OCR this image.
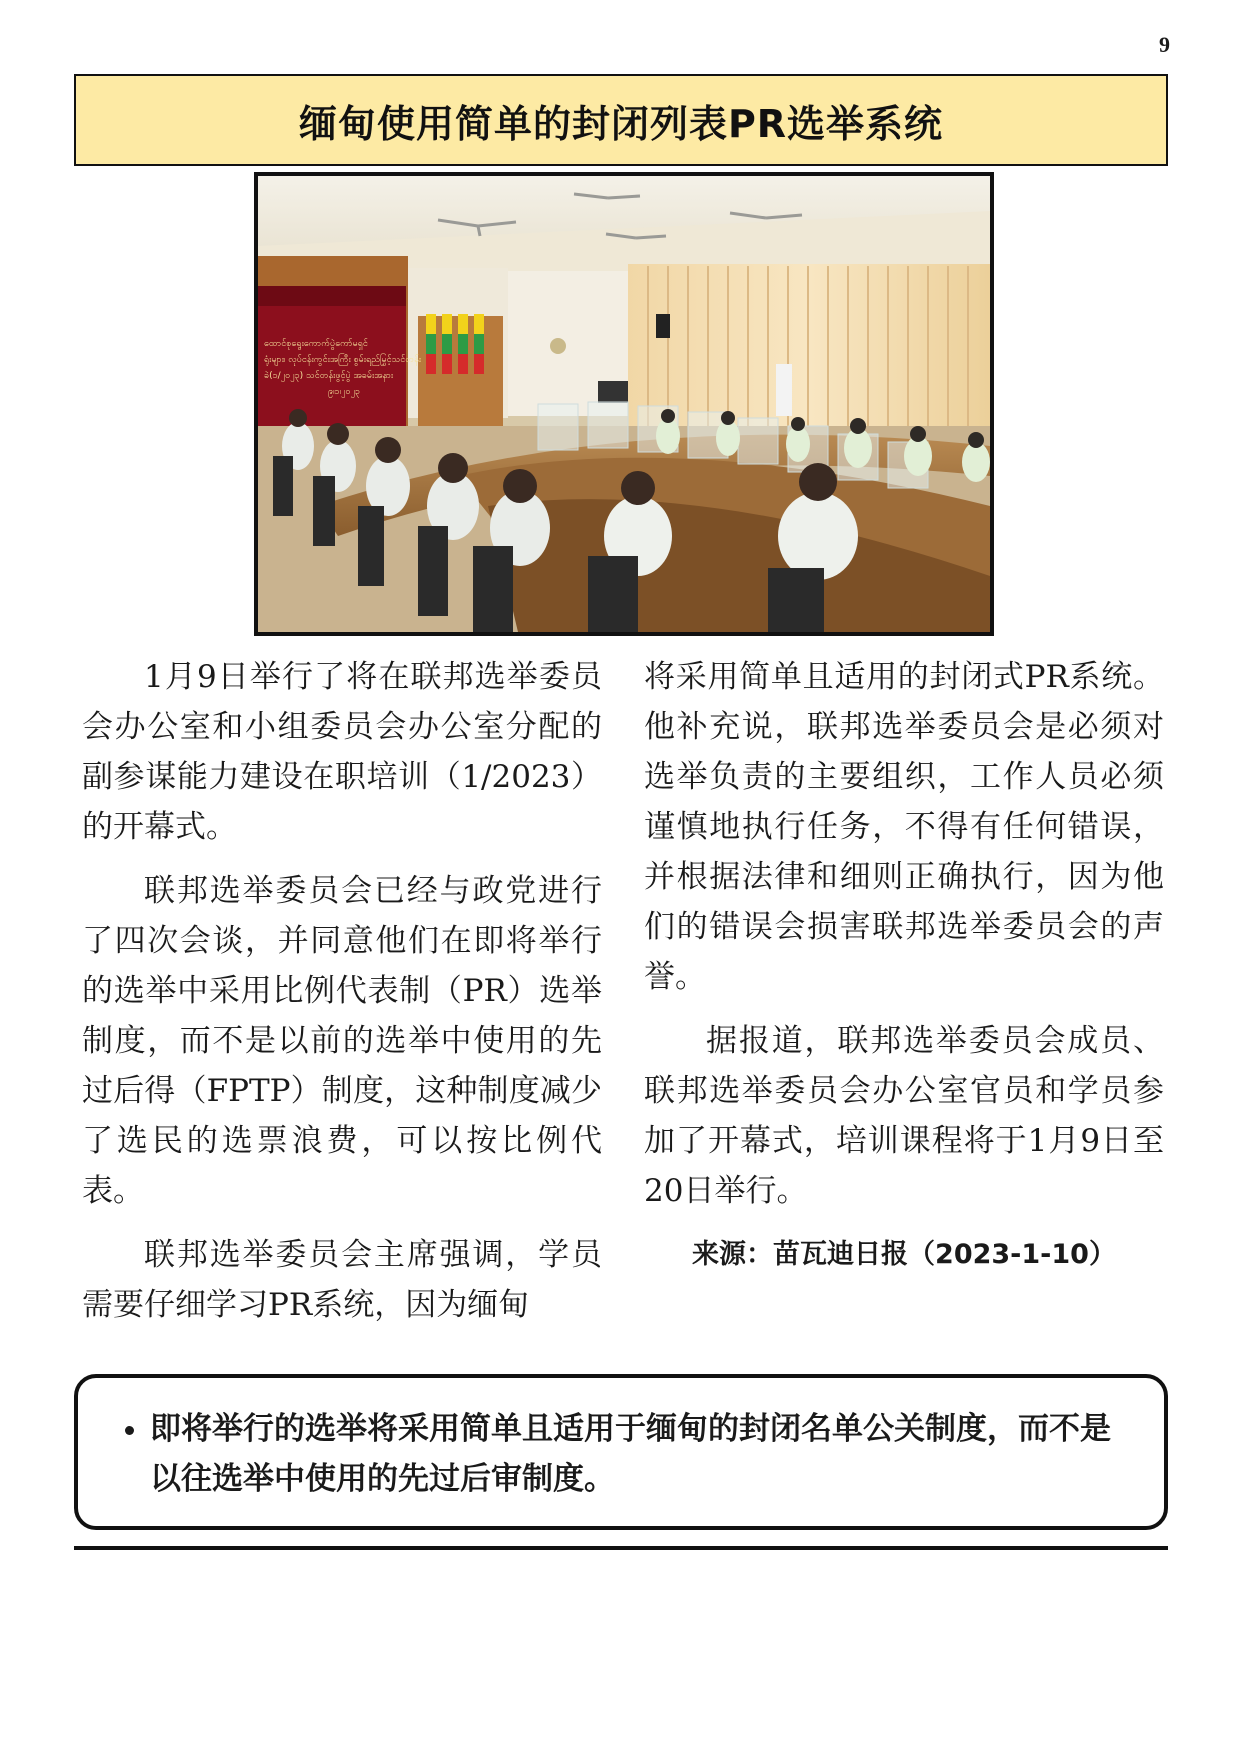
9
缅甸使用简单的封闭列表PR选举系统
ထောင်စုရွေးကောက်ပွဲကော်မရှင်
ရုံးများ၊ လုပ်ငန်းကွင်းအကြီး စွမ်းရည်မြှင့်သင်တန်း
ခဲ(၁/၂၀၂၃) သင်တန်းဖွင့်ပွဲ အခမ်းအနား
၉၊၁၊၂၀၂၃

1月9日举行了将在联邦选举委员会办公室和小组委员会办公室分配的副参谋能力建设在职培训（1/2023）的开幕式。

联邦选举委员会已经与政党进行了四次会谈，并同意他们在即将举行的选举中采用比例代表制（PR）选举制度，而不是以前的选举中使用的先过后得（FPTP）制度，这种制度减少了选民的选票浪费，可以按比例代表。

联邦选举委员会主席强调，学员需要仔细学习PR系统，因为缅甸

将采用简单且适用的封闭式PR系统。他补充说，联邦选举委员会是必须对选举负责的主要组织，工作人员必须谨慎地执行任务，不得有任何错误，并根据法律和细则正确执行，因为他们的错误会损害联邦选举委员会的声誉。

据报道，联邦选举委员会成员、联邦选举委员会办公室官员和学员参加了开幕式，培训课程将于1月9日至20日举行。

来源：苗瓦迪日报（2023-1-10）
• 即将举行的选举将采用简单且适用于缅甸的封闭名单公关制度，而不是以往选举中使用的先过后审制度。
